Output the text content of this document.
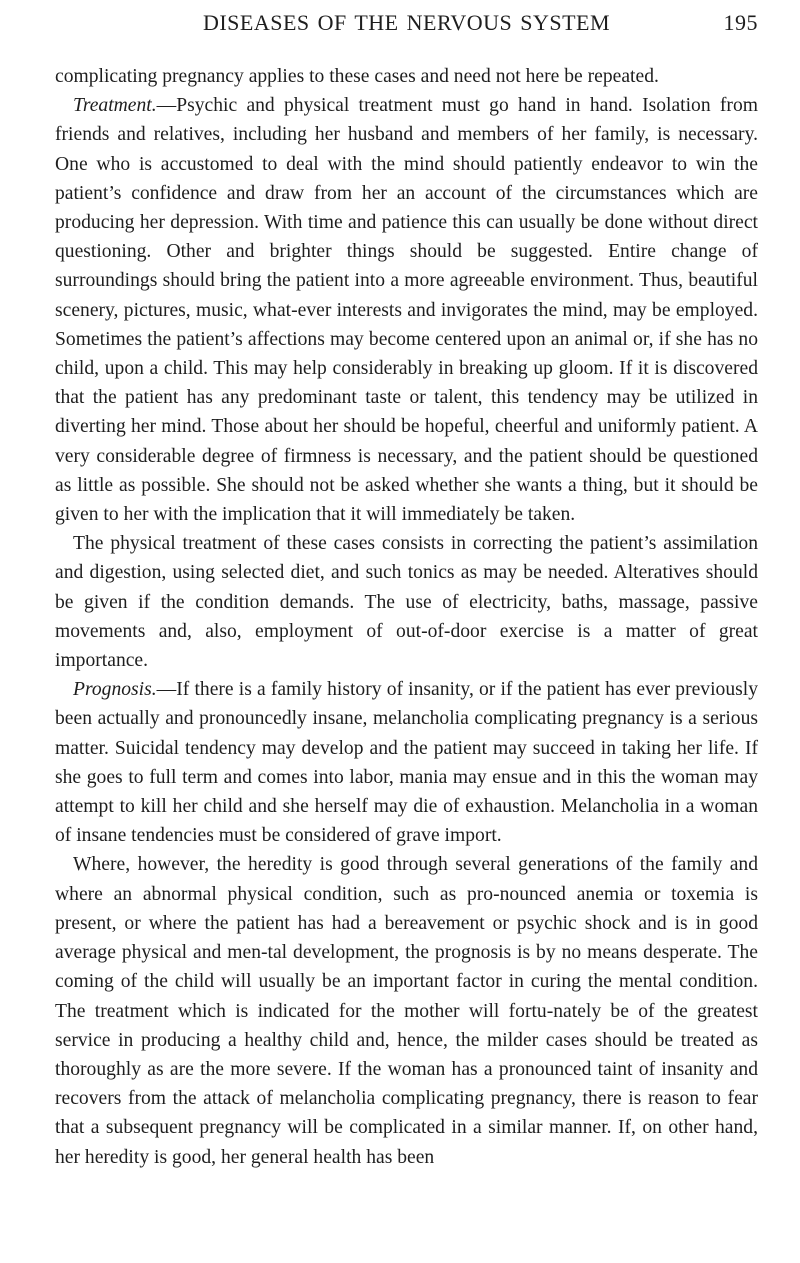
DISEASES OF THE NERVOUS SYSTEM	195

complicating pregnancy applies to these cases and need not here be repeated.

Treatment.—Psychic and physical treatment must go hand in hand. Isolation from friends and relatives, including her husband and members of her family, is necessary. One who is accustomed to deal with the mind should patiently endeavor to win the patient’s confidence and draw from her an account of the circumstances which are producing her depression. With time and patience this can usually be done without direct questioning. Other and brighter things should be suggested. Entire change of surroundings should bring the patient into a more agreeable environment. Thus, beautiful scenery, pictures, music, what-ever interests and invigorates the mind, may be employed. Sometimes the patient’s affections may become centered upon an animal or, if she has no child, upon a child. This may help considerably in breaking up gloom. If it is discovered that the patient has any predominant taste or talent, this tendency may be utilized in diverting her mind. Those about her should be hopeful, cheerful and uniformly patient. A very considerable degree of firmness is necessary, and the patient should be questioned as little as possible. She should not be asked whether she wants a thing, but it should be given to her with the implication that it will immediately be taken.

The physical treatment of these cases consists in correcting the patient’s assimilation and digestion, using selected diet, and such tonics as may be needed. Alteratives should be given if the condition demands. The use of electricity, baths, massage, passive movements and, also, employment of out-of-door exercise is a matter of great importance.

Prognosis.—If there is a family history of insanity, or if the patient has ever previously been actually and pronouncedly insane, melancholia complicating pregnancy is a serious matter. Suicidal tendency may develop and the patient may succeed in taking her life. If she goes to full term and comes into labor, mania may ensue and in this the woman may attempt to kill her child and she herself may die of exhaustion. Melancholia in a woman of insane tendencies must be considered of grave import.

Where, however, the heredity is good through several generations of the family and where an abnormal physical condition, such as pro-nounced anemia or toxemia is present, or where the patient has had a bereavement or psychic shock and is in good average physical and men-tal development, the prognosis is by no means desperate. The coming of the child will usually be an important factor in curing the mental condition. The treatment which is indicated for the mother will fortu-nately be of the greatest service in producing a healthy child and, hence, the milder cases should be treated as thoroughly as are the more severe. If the woman has a pronounced taint of insanity and recovers from the attack of melancholia complicating pregnancy, there is reason to fear that a subsequent pregnancy will be complicated in a similar manner. If, on other hand, her heredity is good, her general health has been
